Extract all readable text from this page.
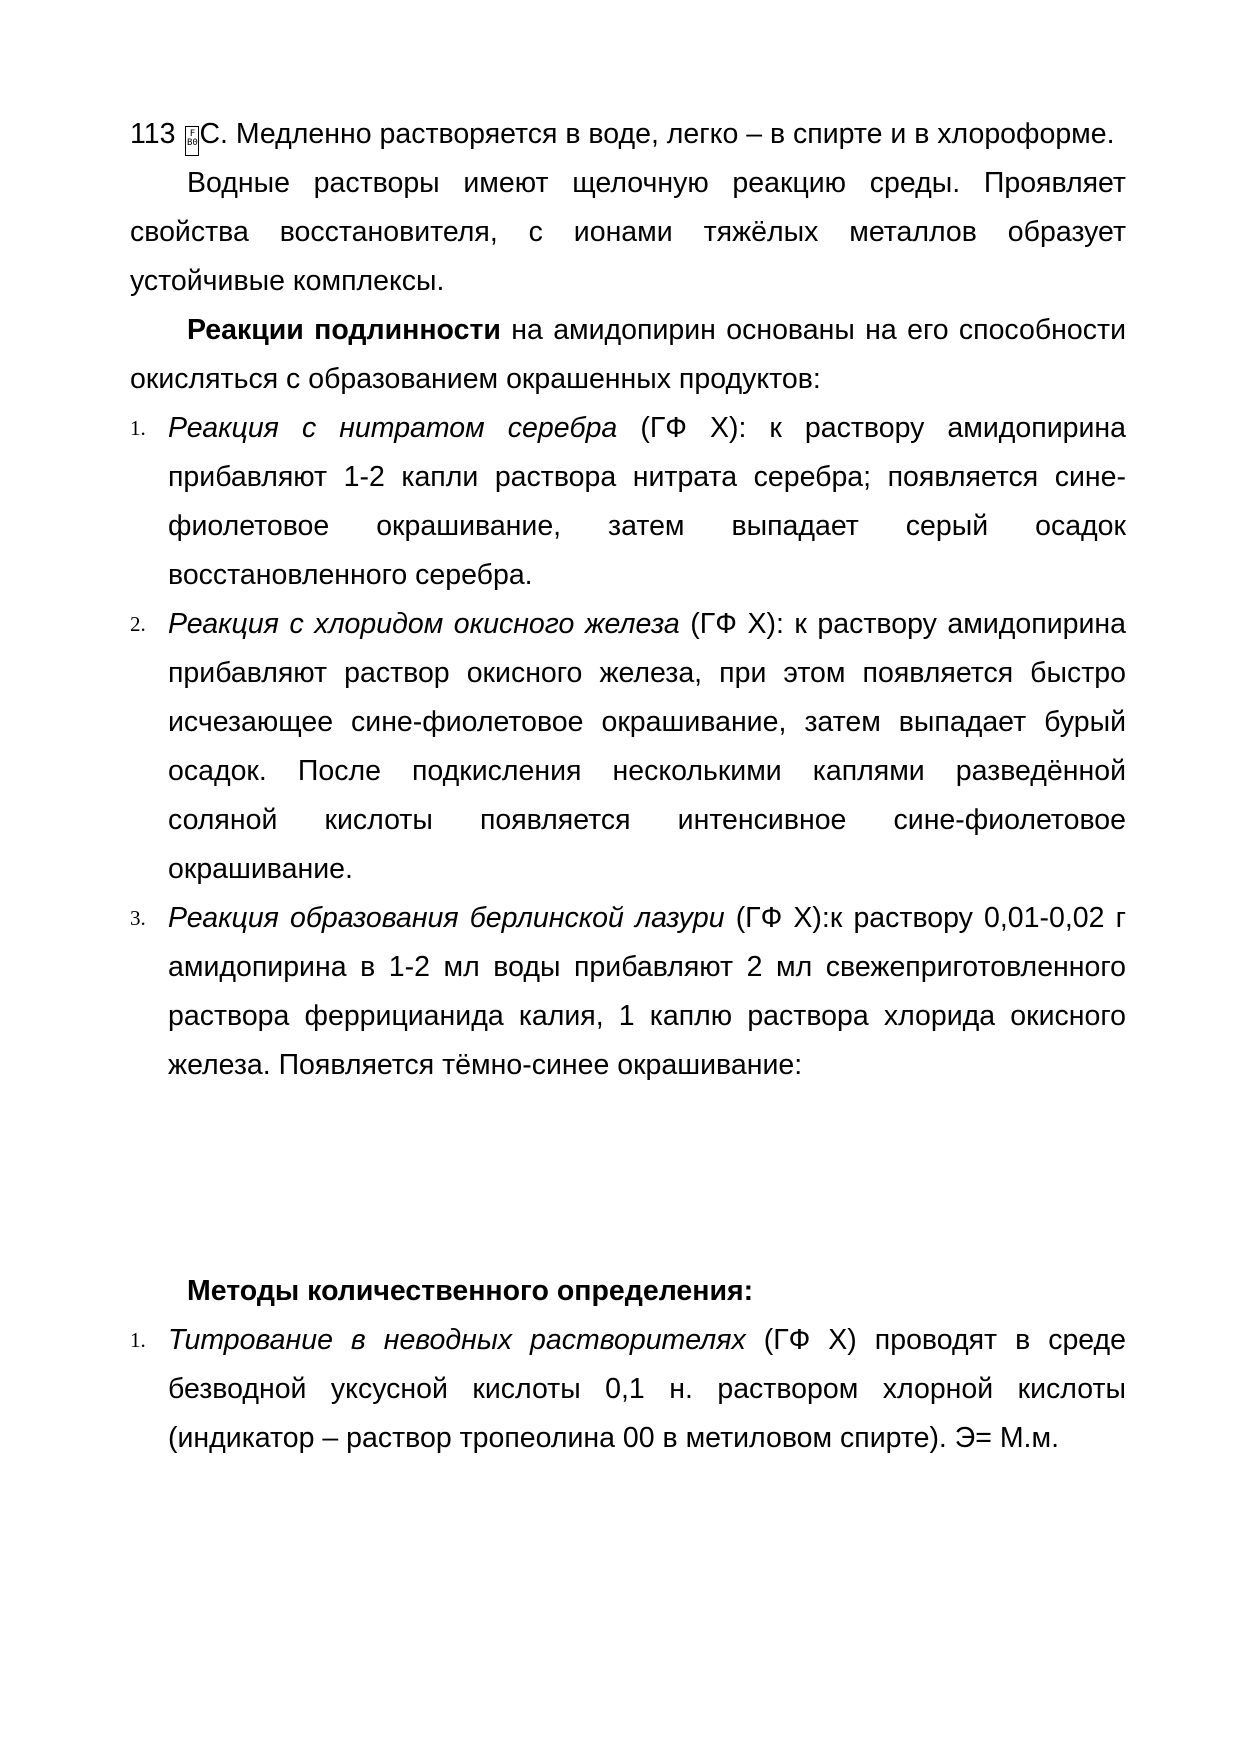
113 F
B0С. Медленно растворяется в воде, легко – в спирте и в хлороформе.

Водные растворы имеют щелочную реакцию среды. Проявляет свойства восстановителя, с ионами тяжёлых металлов образует устойчивые комплексы.

Реакции подлинности на амидопирин основаны на его способности окисляться с образованием окрашенных продуктов:

1. Реакция с нитратом серебра (ГФ Х): к раствору амидопирина прибавляют 1-2 капли раствора нитрата серебра; появляется сине-фиолетовое окрашивание, затем выпадает серый осадок восстановленного серебра.
2. Реакция с хлоридом окисного железа (ГФ Х): к раствору амидопирина прибавляют раствор окисного железа, при этом появляется быстро исчезающее сине-фиолетовое окрашивание, затем выпадает бурый осадок. После подкисления несколькими каплями разведённой соляной кислоты появляется интенсивное сине-фиолетовое окрашивание.
3. Реакция образования берлинской лазури (ГФ Х):к раствору 0,01-0,02 г амидопирина в 1-2 мл воды прибавляют 2 мл свежеприготовленного раствора феррицианида калия, 1 каплю раствора хлорида окисного железа. Появляется тёмно-синее окрашивание:

Методы количественного определения:

1. Титрование в неводных растворителях (ГФ Х) проводят в среде безводной уксусной кислоты 0,1 н. раствором хлорной кислоты (индикатор – раствор тропеолина 00 в метиловом спирте). Э= М.м.
